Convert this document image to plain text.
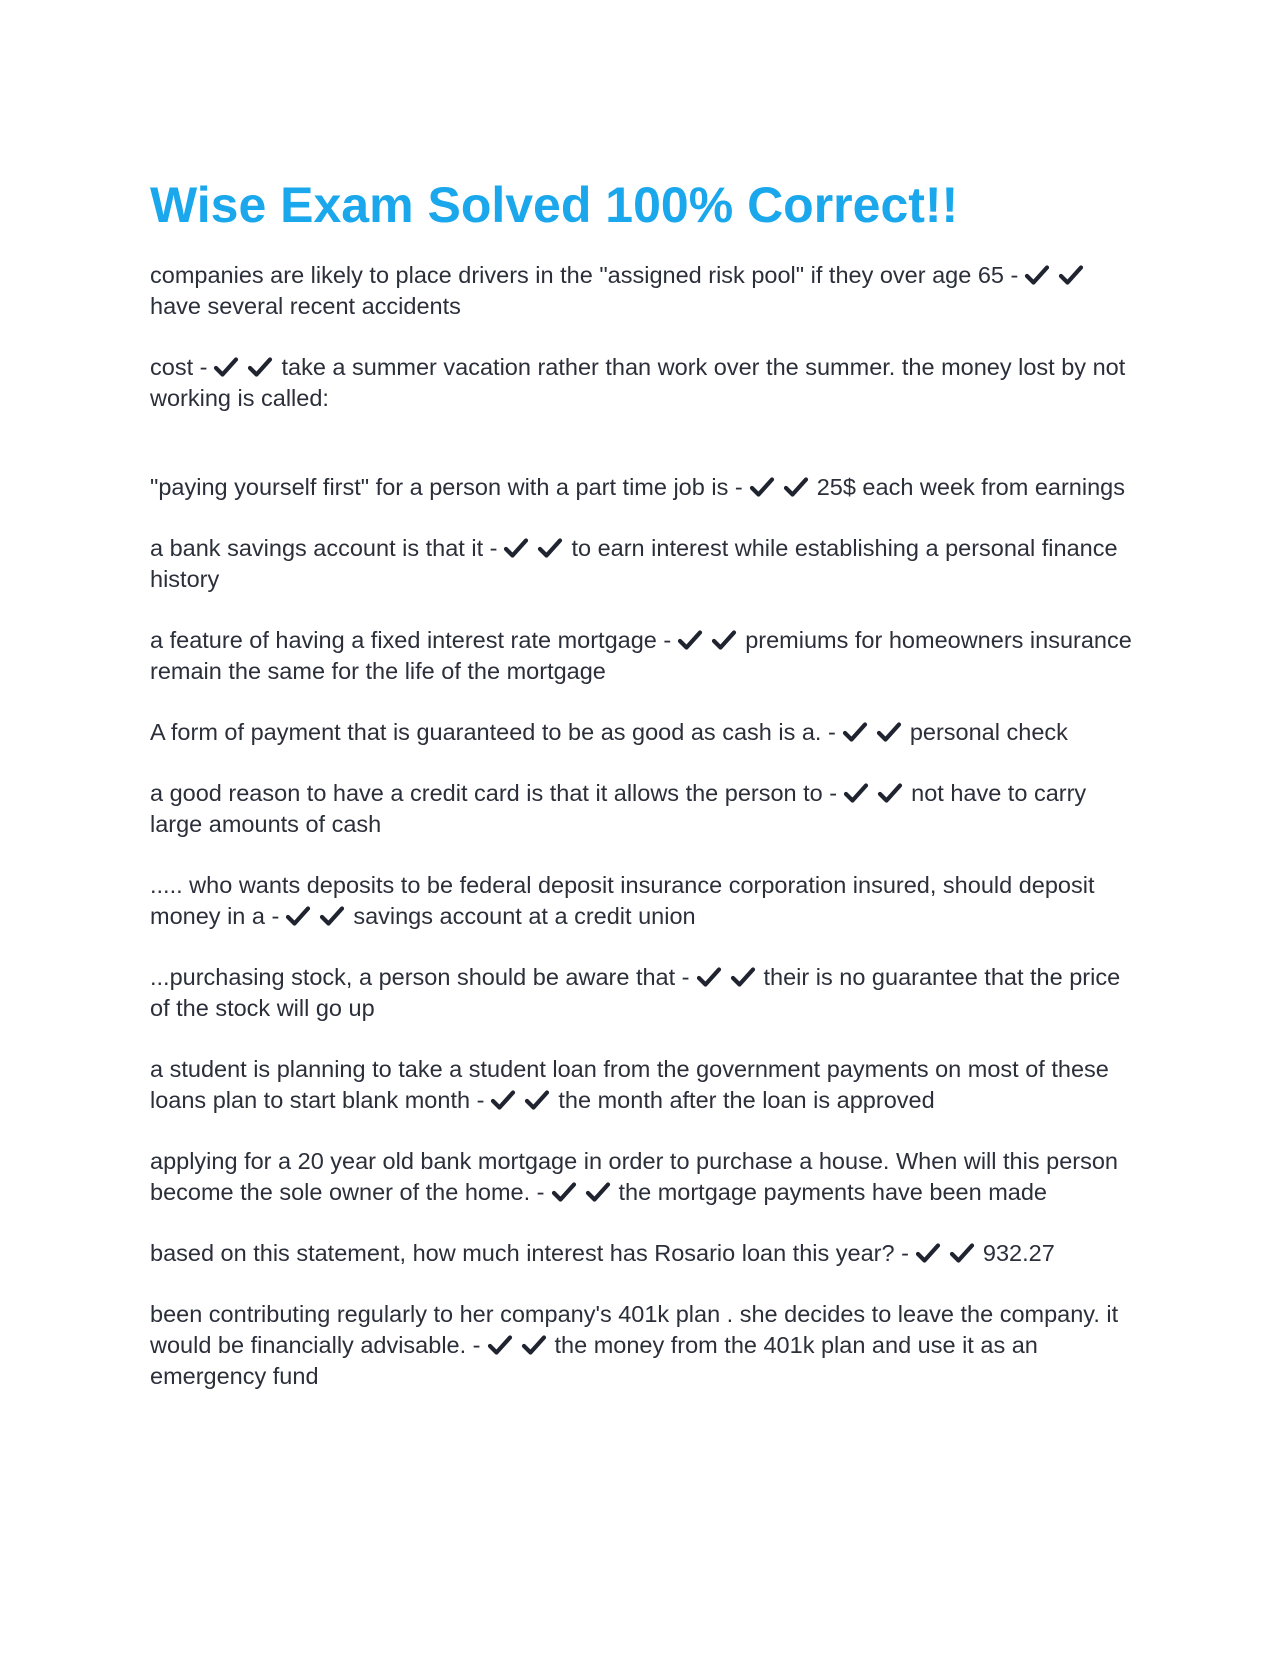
Wise Exam Solved 100% Correct!!

companies are likely to place drivers in the "assigned risk pool" if they over age 65 -
have several recent accidents

cost -	take a summer vacation rather than work over the summer. the money lost by not working is called:

"paying yourself first" for a person with a part time job is -	25$ each week from earnings

a bank savings account is that it -	to earn interest while establishing a personal finance history

a feature of having a fixed interest rate mortgage -	premiums for homeowners insurance remain the same for the life of the mortgage

A form of payment that is guaranteed to be as good as cash is a. -	personal check

a good reason to have a credit card is that it allows the person to -	not have to carry large amounts of cash

..... who wants deposits to be federal deposit insurance corporation insured, should deposit money in a -	savings account at a credit union

...purchasing stock, a person should be aware that -	their is no guarantee that the price of the stock will go up

a student is planning to take a student loan from the government payments on most of these loans plan to start blank month -	the month after the loan is approved

applying for a 20 year old bank mortgage in order to purchase a house. When will this person become the sole owner of the home. -	the mortgage payments have been made

based on this statement, how much interest has Rosario loan this year? -	932.27

been contributing regularly to her company's 401k plan . she decides to leave the company. it would be financially advisable. -	the money from the 401k plan and use it as an emergency fund
